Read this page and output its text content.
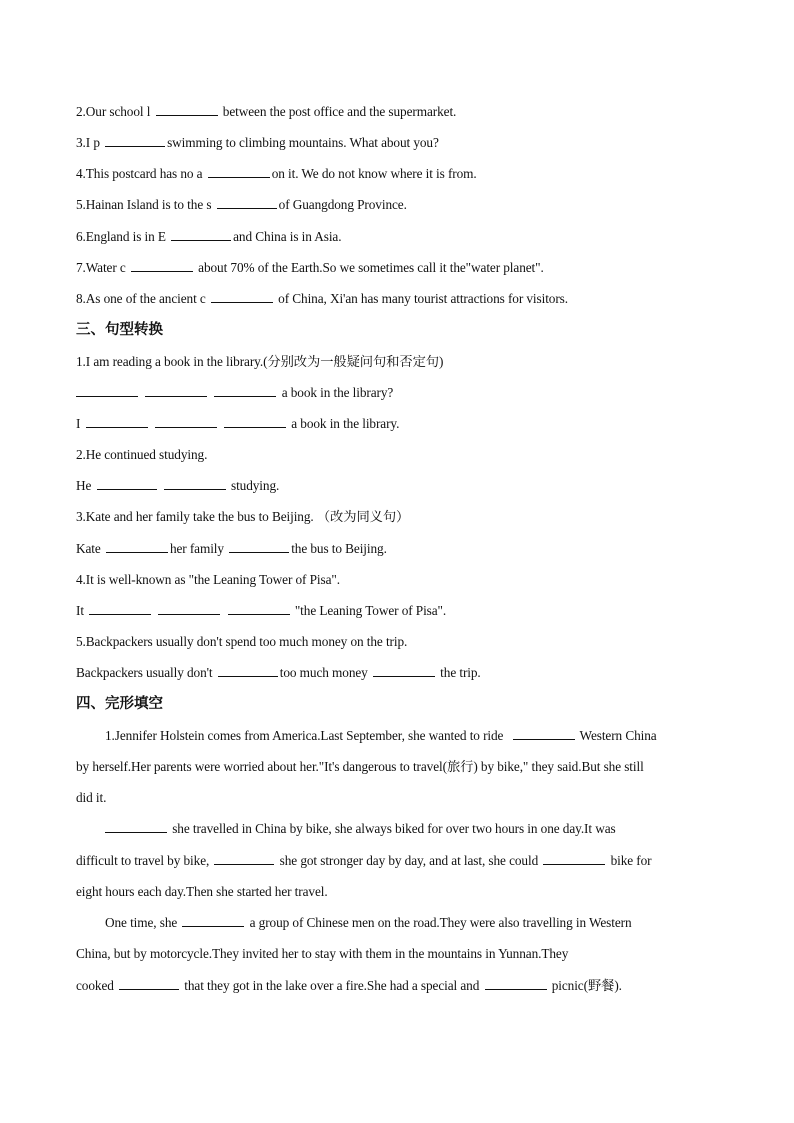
2.Our school l	between the post office and the supermarket.
3.I p	swimming to climbing mountains. What about you?
4.This postcard has no a	on it. We do not know where it is from.
5.Hainan Island is to the s	of Guangdong Province.
6.England is in E	and China is in Asia.
7.Water c	about 70% of the Earth.So we sometimes call it the"water planet".
8.As one of the ancient c	of China, Xi'an has many tourist attractions for visitors.
三、句型转换
1.I am reading a book in the library.(分别改为一般疑问句和否定句)
a book in the library?
I	a book in the library.
2.He continued studying.
He	studying.
3.Kate and her family take the bus to Beijing. （改为同义句）
Kate	her family	the bus to Beijing.
4.It is well-known as "the Leaning Tower of Pisa".
It	"the Leaning Tower of Pisa".
5.Backpackers usually don't spend too much money on the trip.
Backpackers usually don't	too much money	the trip.
四、完形填空
1.Jennifer Holstein comes from America.Last September, she wanted to ride	Western China
by herself.Her parents were worried about her."It's dangerous to travel(旅行) by bike," they said.But she still
did it.
she travelled in China by bike, she always biked for over two hours in one day.It was
difficult to travel by bike,	she got stronger day by day, and at last, she could	bike for
eight hours each day.Then she started her travel.
One time, she	a group of Chinese men on the road.They were also travelling in Western
China, but by motorcycle.They invited her to stay with them in the mountains in Yunnan.They
cooked	that they got in the lake over a fire.She had a special and	picnic(野餐).
